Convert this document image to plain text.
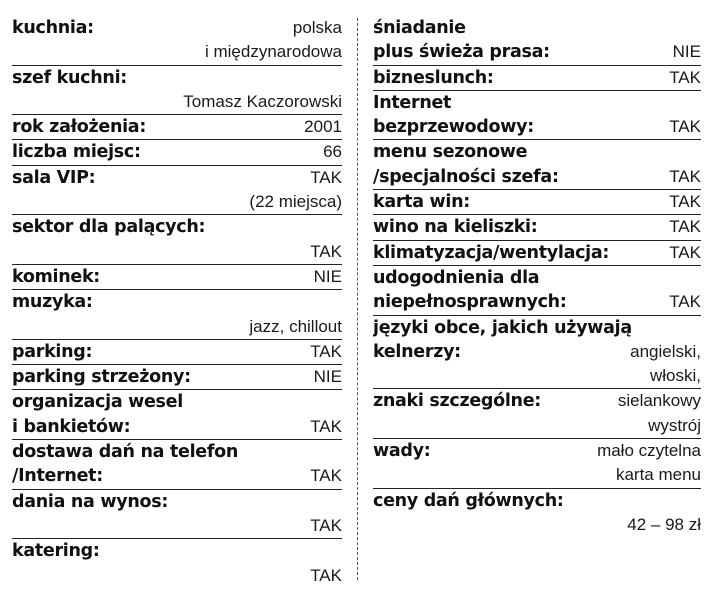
kuchnia:	polska
i międzynarodowa
szef kuchni:
Tomasz Kaczorowski
rok założenia:	2001
liczba miejsc:	66
sala VIP:	TAK
(22 miejsca)
sektor dla palących:
TAK
kominek:	NIE
muzyka:
jazz, chillout
parking:	TAK
parking strzeżony:	NIE
organizacja wesel
i bankietów:	TAK
dostawa dań na telefon
/Internet:	TAK
dania na wynos:
TAK
katering:
TAK
śniadanie
plus świeża prasa:	NIE
bizneslunch:	TAK
Internet
bezprzewodowy:	TAK
menu sezonowe
/specjalności szefa:	TAK
karta win:	TAK
wino na kieliszki:	TAK
klimatyzacja/wentylacja:	TAK
udogodnienia dla
niepełnosprawnych:	TAK
języki obce, jakich używają
kelnerzy:	angielski,
włoski,
znaki szczególne:	sielankowy
wystrój
wady:	mało czytelna
karta menu
ceny dań głównych:
42 – 98 zł
